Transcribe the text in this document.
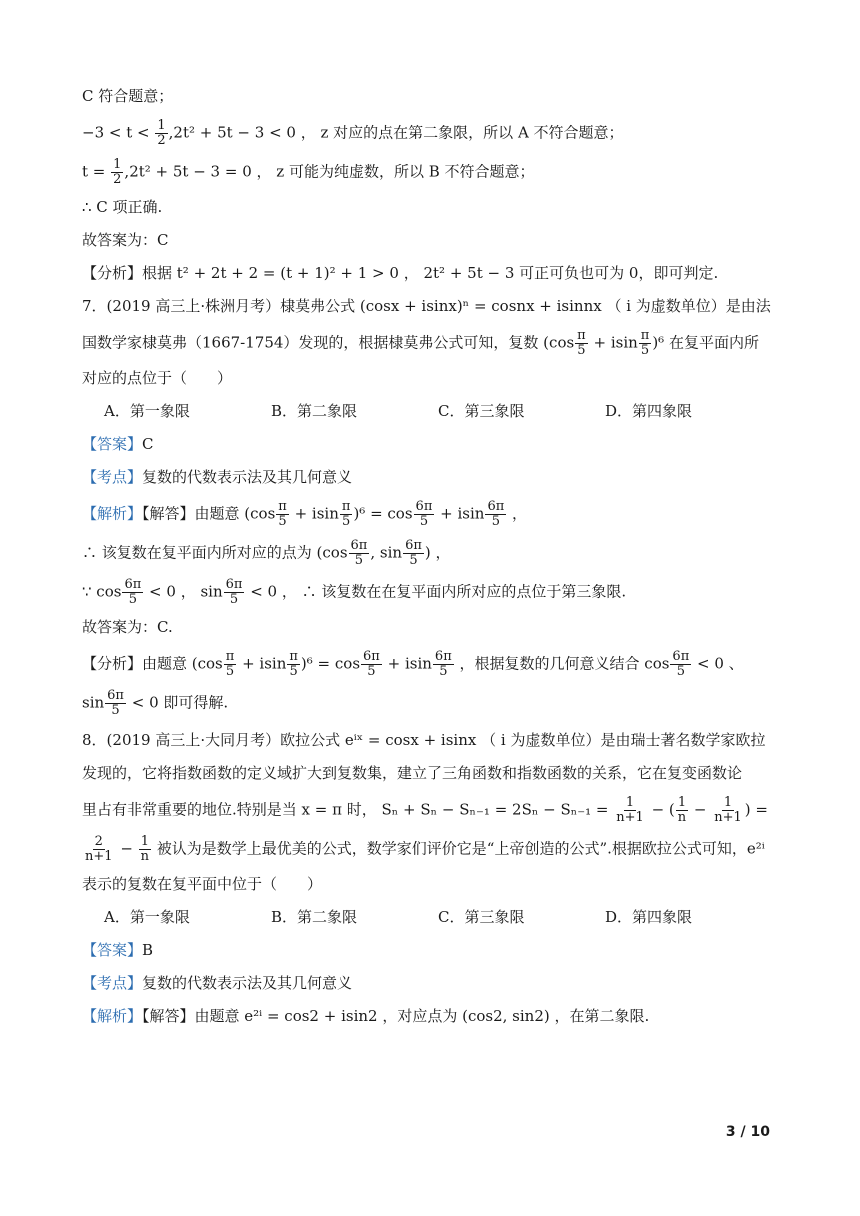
C 符合题意；
$-3 < t < \frac{1}{2} ,2t^2 + 5t - 3 < 0$ ， z 对应的点在第二象限，所以 A 不符合题意；
$t = \frac{1}{2} ,2t^2 + 5t - 3 = 0$ ， z 可能为纯虚数，所以 B 不符合题意；
∴ C 项正确.
故答案为：C
【分析】根据 t² + 2t + 2 = (t + 1)² + 1 > 0 ， 2t² + 5t − 3 可正可负也可为 0，即可判定.
7．(2019 高三上·株洲月考）棣莫弗公式 (cosx + isinx)ⁿ = cosnx + isinnx （ i 为虚数单位）是由法
国数学家棣莫弗（1667-1754）发现的，根据棣莫弗公式可知，复数 $(\cos \frac{\pi}{5} + isin \frac{\pi}{5} )^6$ 在复平面内所
对应的点位于（　　）
A．第一象限	B．第二象限	C．第三象限	D．第四象限
【答案】C
【考点】复数的代数表示法及其几何意义
【解析】【解答】由题意 $(\cos \frac{\pi}{5} + isin \frac{\pi}{5} )^6 = \cos \frac{6\pi}{5} + isin \frac{6\pi}{5}$ ，
∴ 该复数在复平面内所对应的点为 ($\cos \frac{6\pi}{5}$ , $\sin \frac{6\pi}{5}$ ) ，
∵ $\cos \frac{6\pi}{5} < 0$ ， $\sin \frac{6\pi}{5} < 0$ ， ∴ 该复数在在复平面内所对应的点位于第三象限.
故答案为：C.
【分析】由题意 $(\cos \frac{\pi}{5} + isin \frac{\pi}{5} )^6 = \cos \frac{6\pi}{5} + isin \frac{6\pi}{5}$ ，根据复数的几何意义结合 $\cos \frac{6\pi}{5} < 0$ 、
$\sin \frac{6\pi}{5} < 0$ 即可得解.
8．(2019 高三上·大同月考）欧拉公式 eⁱˣ = cosx + isinx （ i 为虚数单位）是由瑞士著名数学家欧拉
发现的，它将指数函数的定义域扩大到复数集，建立了三角函数和指数函数的关系，它在复变函数论
里占有非常重要的地位.特别是当 x = π 时， $S_n + S_n - S_{n-1} = 2S_n - S_{n-1} = \frac{1}{n+1}$ − ( $\frac{1}{n} - \frac{1}{n+1}$ ) =
$\frac{2}{n+1} - \frac{1}{n}$ 被认为是数学上最优美的公式，数学家们评价它是“上帝创造的公式”.根据欧拉公式可知，e²ⁱ
表示的复数在复平面中位于（　　）
A．第一象限	B．第二象限	C．第三象限	D．第四象限
【答案】B
【考点】复数的代数表示法及其几何意义
【解析】【解答】由题意 e²ⁱ = cos2 + isin2 ，对应点为 (cos2, sin2) ，在第二象限.
3 / 10
